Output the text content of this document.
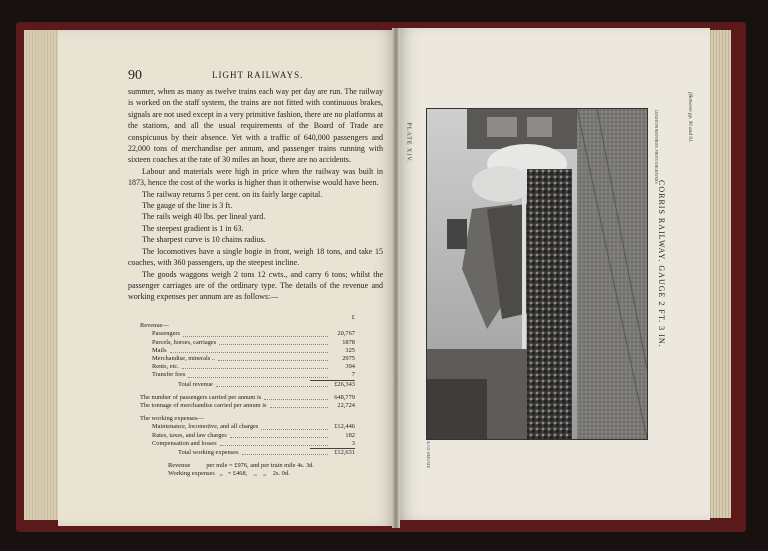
90	LIGHT RAILWAYS.

summer, when as many as twelve trains each way per day are run. The railway is worked on the staff system, the trains are not fitted with continuous brakes, signals are not used except in a very primitive fashion, there are no platforms at the stations, and all the usual requirements of the Board of Trade are conspicuous by their absence. Yet with a traffic of 640,000 passengers and 22,000 tons of merchandise per annum, and passenger trains running with sixteen coaches at the rate of 30 miles an hour, there are no accidents.

Labour and materials were high in price when the railway was built in 1873, hence the cost of the works is higher than it otherwise would have been.

The railway returns 5 per cent. on its fairly large capital.

The gauge of the line is 3 ft.

The rails weigh 40 lbs. per lineal yard.

The steepest gradient is 1 in 63.

The sharpest curve is 10 chains radius.

The locomotives have a single bogie in front, weigh 18 tons, and take 15 coaches, with 360 passengers, up the steepest incline.

The goods waggons weigh 2 tons 12 cwts., and carry 6 tons; whilst the passenger carriages are of the ordinary type. The details of the revenue and working expenses per annum are as follows:—

£
Revenue—
Passengers	20,767
Parcels, horses, carriages	1878
Mails	325
Merchandise, minerals ..	2975
Rents, etc.	394
Transfer fees	7
Total revenue	£26,343
The number of passengers carried per annum is	648,779
The tonnage of merchandise carried per annum is	22,724
The working expenses—
Maintenance, locomotive, and all charges	£12,446
Rates, taxes, and law charges	182
Compensation and losses	3
Total working expenses	£12,631
Revenue          per mile = £976, and per train mile 4s. 3d.
Working expenses   ,,   = £468,    ,,    ,,    2s. 0d.
PLATE XIV.	LEIGHTON BROTHERS, PHOTO ENGRAVERS
CORRIS RAILWAY. GAUGE 2 FT. 3 IN.
[Between pp. 90 and 91.
